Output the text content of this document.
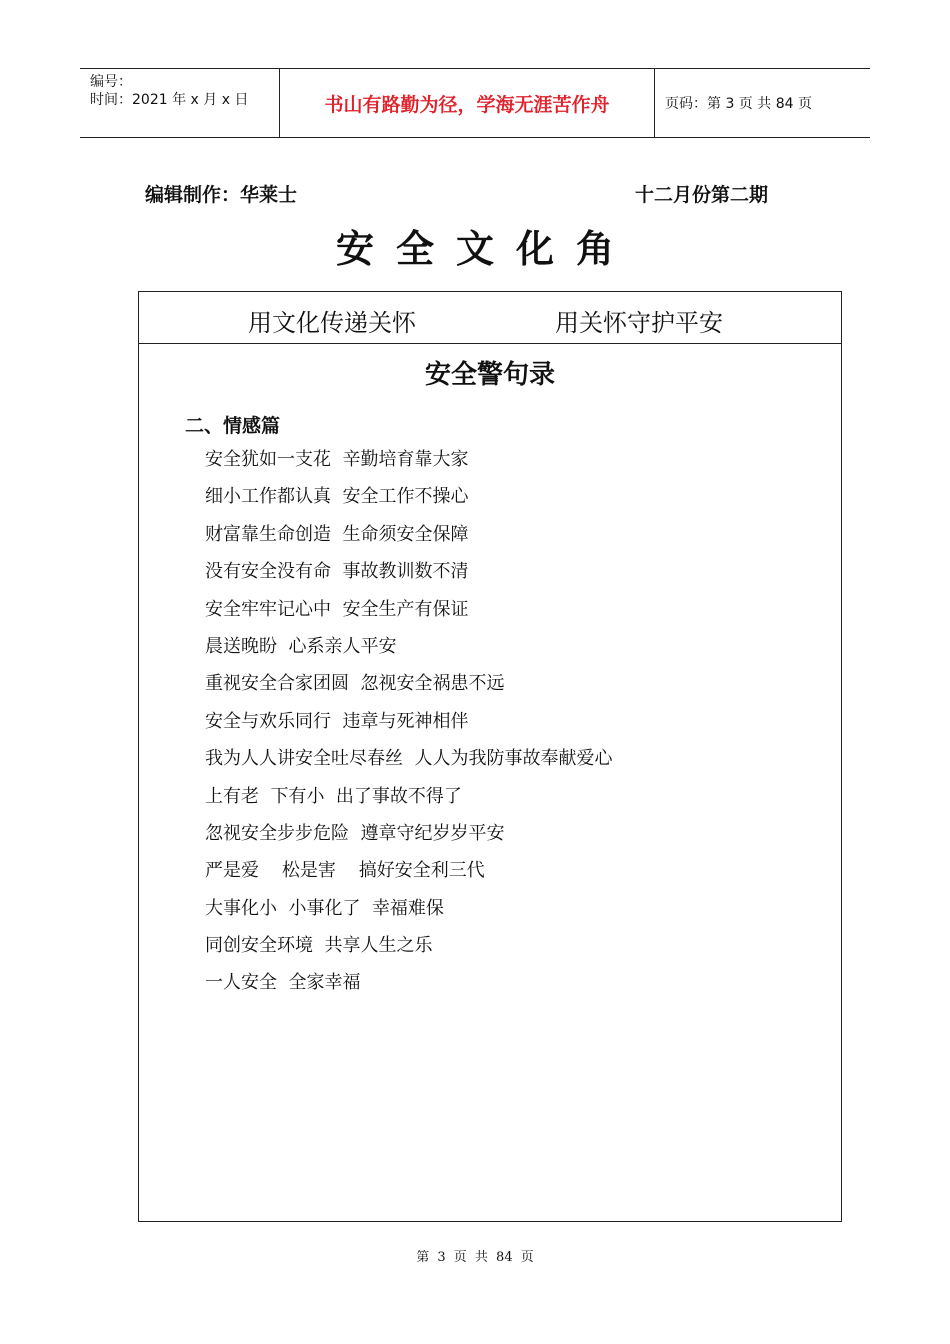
编号：
时间：2021 年 x 月 x 日	书山有路勤为径，学海无涯苦作舟	页码：第 3 页 共 84 页
编辑制作：华莱士	十二月份第二期
安全文化角
用文化传递关怀	用关怀守护平安
安全警句录
二、情感篇
安全犹如一支花  辛勤培育靠大家
细小工作都认真  安全工作不操心
财富靠生命创造  生命须安全保障
没有安全没有命  事故教训数不清
安全牢牢记心中  安全生产有保证
晨送晚盼  心系亲人平安
重视安全合家团圆  忽视安全祸患不远
安全与欢乐同行  违章与死神相伴
我为人人讲安全吐尽春丝  人人为我防事故奉献爱心
上有老  下有小  出了事故不得了
忽视安全步步危险  遵章守纪岁岁平安
严是爱    松是害    搞好安全利三代
大事化小  小事化了  幸福难保
同创安全环境  共享人生之乐
一人安全  全家幸福
第 3 页 共 84 页
